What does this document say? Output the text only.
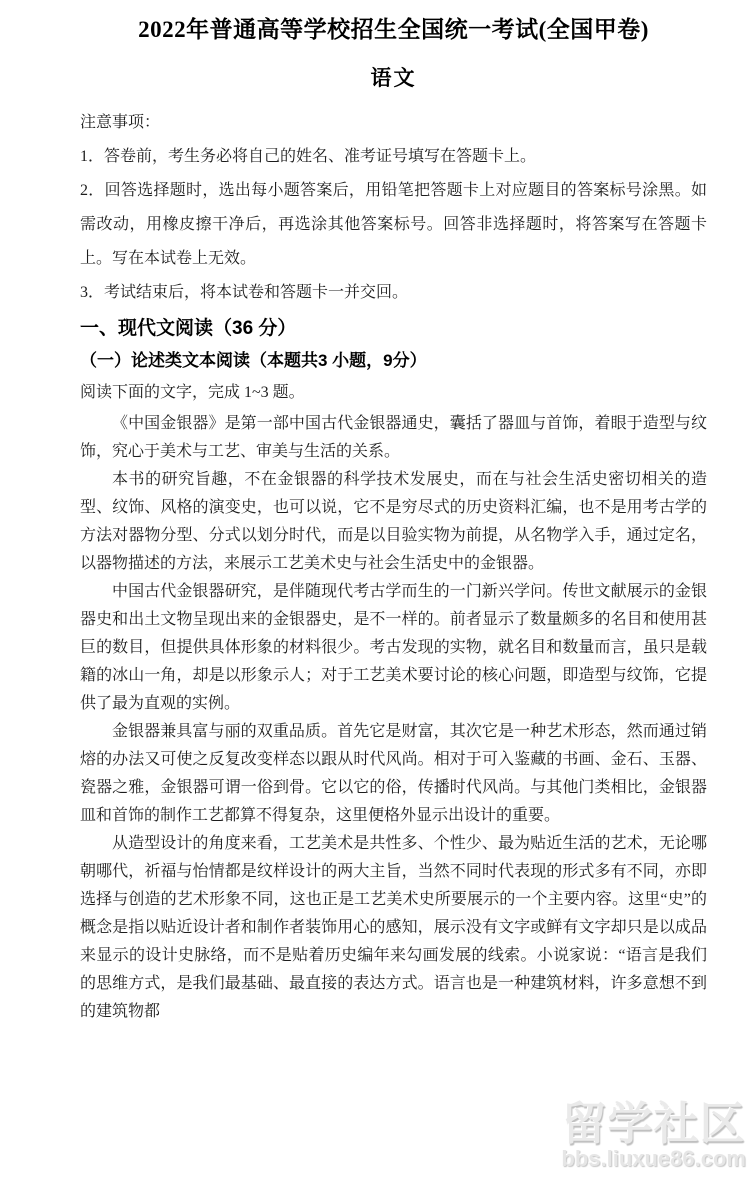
2022年普通高等学校招生全国统一考试(全国甲卷)
语文

注意事项：

1．答卷前，考生务必将自己的姓名、准考证号填写在答题卡上。

2．回答选择题时，选出每小题答案后，用铅笔把答题卡上对应题目的答案标号涂黑。如需改动，用橡皮擦干净后，再选涂其他答案标号。回答非选择题时，将答案写在答题卡上。写在本试卷上无效。

3．考试结束后，将本试卷和答题卡一并交回。

一、现代文阅读（36 分）
（一）论述类文本阅读（本题共3 小题，9分）

阅读下面的文字，完成 1~3 题。

《中国金银器》是第一部中国古代金银器通史，囊括了器皿与首饰，着眼于造型与纹饰，究心于美术与工艺、审美与生活的关系。

本书的研究旨趣，不在金银器的科学技术发展史，而在与社会生活史密切相关的造型、纹饰、风格的演变史，也可以说，它不是穷尽式的历史资料汇编，也不是用考古学的方法对器物分型、分式以划分时代，而是以目验实物为前提，从名物学入手，通过定名，以器物描述的方法，来展示工艺美术史与社会生活史中的金银器。

中国古代金银器研究，是伴随现代考古学而生的一门新兴学问。传世文献展示的金银器史和出土文物呈现出来的金银器史，是不一样的。前者显示了数量颇多的名目和使用甚巨的数目，但提供具体形象的材料很少。考古发现的实物，就名目和数量而言，虽只是载籍的冰山一角，却是以形象示人；对于工艺美术要讨论的核心问题，即造型与纹饰，它提供了最为直观的实例。

金银器兼具富与丽的双重品质。首先它是财富，其次它是一种艺术形态，然而通过销熔的办法又可使之反复改变样态以跟从时代风尚。相对于可入鉴藏的书画、金石、玉器、瓷器之雅，金银器可谓一俗到骨。它以它的俗，传播时代风尚。与其他门类相比，金银器皿和首饰的制作工艺都算不得复杂，这里便格外显示出设计的重要。

从造型设计的角度来看，工艺美术是共性多、个性少、最为贴近生活的艺术，无论哪朝哪代，祈福与怡情都是纹样设计的两大主旨，当然不同时代表现的形式多有不同，亦即选择与创造的艺术形象不同，这也正是工艺美术史所要展示的一个主要内容。这里“史”的概念是指以贴近设计者和制作者装饰用心的感知，展示没有文字或鲜有文字却只是以成品来显示的设计史脉络，而不是贴着历史编年来勾画发展的线索。小说家说：“语言是我们的思维方式，是我们最基础、最直接的表达方式。语言也是一种建筑材料，许多意想不到的建筑物都

留学社区
bbs.liuxue86.com
